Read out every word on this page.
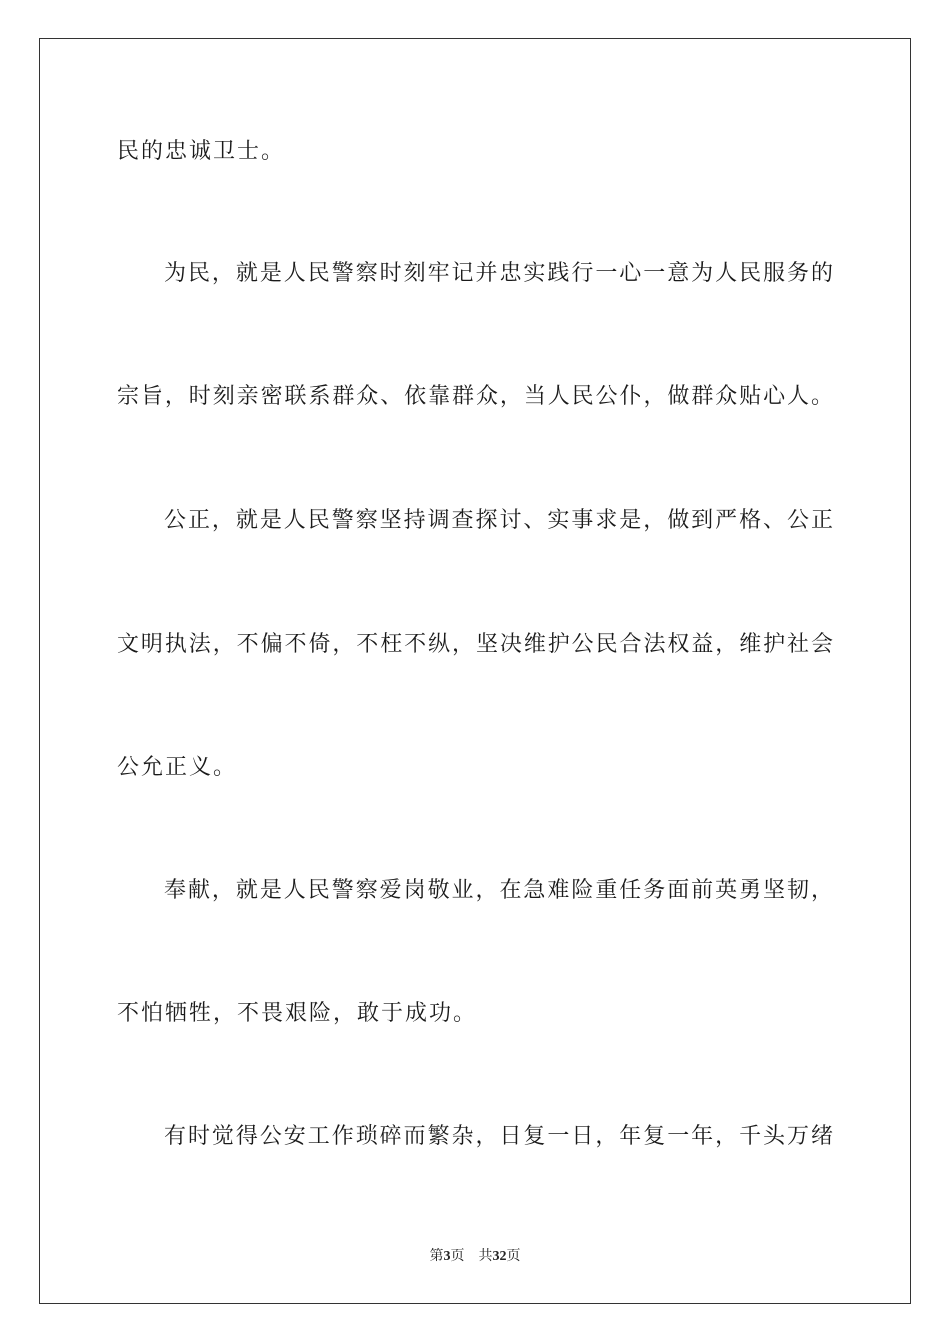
民的忠诚卫士。
为民，就是人民警察时刻牢记并忠实践行一心一意为人民服务的
宗旨，时刻亲密联系群众、依靠群众，当人民公仆，做群众贴心人。
公正，就是人民警察坚持调查探讨、实事求是，做到严格、公正
文明执法，不偏不倚，不枉不纵，坚决维护公民合法权益，维护社会
公允正义。
奉献，就是人民警察爱岗敬业，在急难险重任务面前英勇坚韧，
不怕牺牲，不畏艰险，敢于成功。
有时觉得公安工作琐碎而繁杂，日复一日，年复一年，千头万绪
第3页 共32页
